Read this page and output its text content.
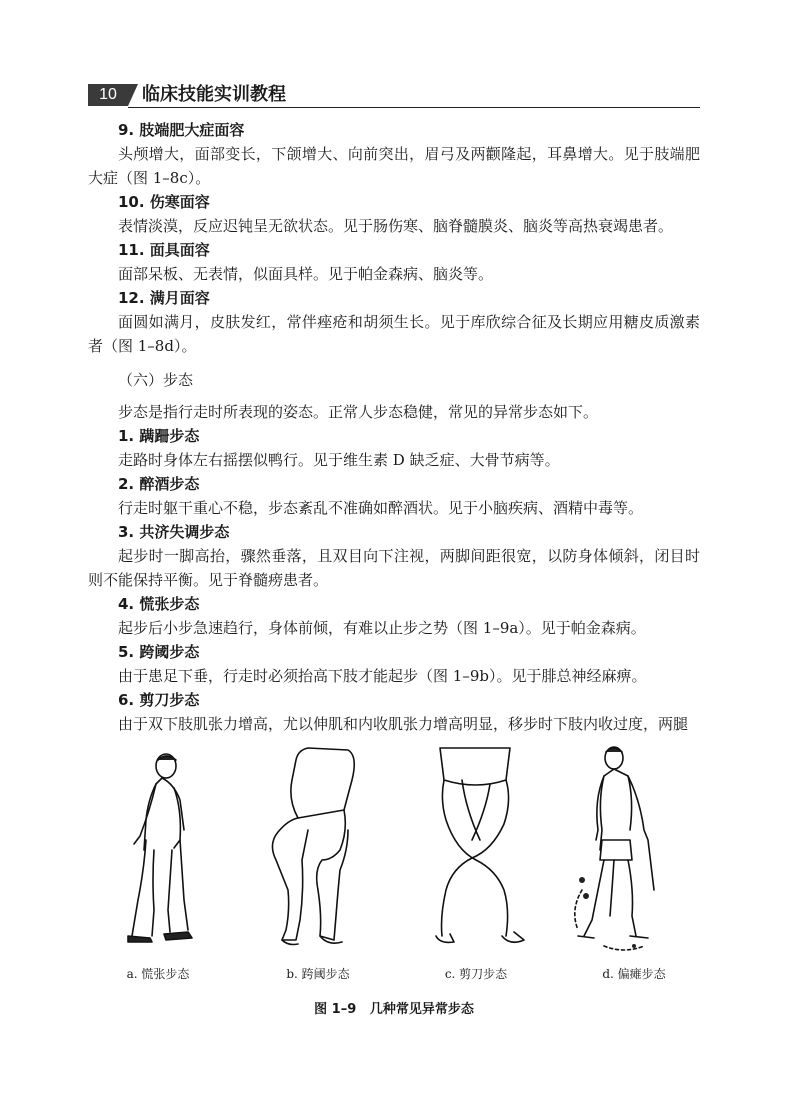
10	临床技能实训教程

9. 肢端肥大症面容

头颅增大，面部变长，下颌增大、向前突出，眉弓及两颧隆起，耳鼻增大。见于肢端肥大症（图 1–8c）。

10. 伤寒面容

表情淡漠，反应迟钝呈无欲状态。见于肠伤寒、脑脊髓膜炎、脑炎等高热衰竭患者。

11. 面具面容

面部呆板、无表情，似面具样。见于帕金森病、脑炎等。

12. 满月面容

面圆如满月，皮肤发红，常伴痤疮和胡须生长。见于库欣综合征及长期应用糖皮质激素者（图 1–8d）。

（六）步态

步态是指行走时所表现的姿态。正常人步态稳健，常见的异常步态如下。

1. 蹒跚步态

走路时身体左右摇摆似鸭行。见于维生素 D 缺乏症、大骨节病等。

2. 醉酒步态

行走时躯干重心不稳，步态紊乱不准确如醉酒状。见于小脑疾病、酒精中毒等。

3. 共济失调步态

起步时一脚高抬，骤然垂落，且双目向下注视，两脚间距很宽，以防身体倾斜，闭目时则不能保持平衡。见于脊髓痨患者。

4. 慌张步态

起步后小步急速趋行，身体前倾，有难以止步之势（图 1–9a）。见于帕金森病。

5. 跨阈步态

由于患足下垂，行走时必须抬高下肢才能起步（图 1–9b）。见于腓总神经麻痹。

6. 剪刀步态

由于双下肢肌张力增高，尤以伸肌和内收肌张力增高明显，移步时下肢内收过度，两腿

a. 慌张步态	b. 跨阈步态	c. 剪刀步态	d. 偏瘫步态
图 1–9 几种常见异常步态
